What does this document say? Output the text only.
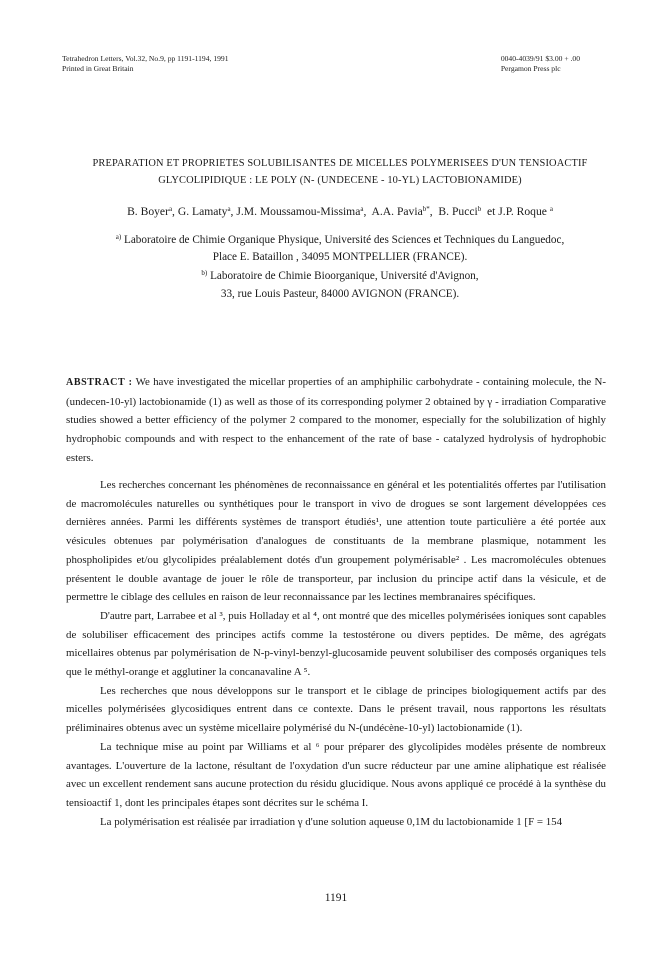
Tetrahedron Letters, Vol.32, No.9, pp 1191-1194, 1991
Printed in Great Britain
0040-4039/91 $3.00 + .00
Pergamon Press plc
PREPARATION ET PROPRIETES SOLUBILISANTES DE MICELLES POLYMERISEES D'UN TENSIOACTIF
GLYCOLIPIDIQUE : LE POLY (N- (UNDECENE - 10-YL) LACTOBIONAMIDE)
B. Boyer$^a$, G. Lamaty$^a$, J.M. Moussamou-Missima$^a$,  A.A. Pavia$^{b*}$,  B. Pucci$^b$  et J.P. Roque $^a$
$^{a)}$ Laboratoire de Chimie Organique Physique, Université des Sciences et Techniques du Languedoc,
Place E. Bataillon , 34095 MONTPELLIER (FRANCE).
$^{b)}$ Laboratoire de Chimie Bioorganique, Université d'Avignon,
33, rue Louis Pasteur, 84000 AVIGNON (FRANCE).
ABSTRACT : We have investigated the micellar properties of an amphiphilic carbohydrate - containing molecule, the N-(undecen-10-yl) lactobionamide (1) as well as those of its corresponding polymer 2 obtained by γ - irradiation Comparative studies showed a better efficiency of the polymer 2 compared to the monomer, especially for the solubilization of highly hydrophobic compounds and with respect to the enhancement of the rate of base - catalyzed hydrolysis of hydrophobic esters.

Les recherches concernant les phénomènes de reconnaissance en général et les potentialités offertes par l'utilisation de macromolécules naturelles ou synthétiques pour le transport in vivo de drogues se sont largement développées ces dernières années. Parmi les différents systèmes de transport étudiés¹, une attention toute particulière a été portée aux vésicules obtenues par polymérisation d'analogues de constituants de la membrane plasmique, notamment les phospholipides et/ou glycolipides préalablement dotés d'un groupement polymérisable² . Les macromolécules obtenues présentent le double avantage de jouer le rôle de transporteur, par inclusion du principe actif dans la vésicule, et de permettre le ciblage des cellules en raison de leur reconnaissance par les lectines membranaires spécifiques.

D'autre part, Larrabee et al ³, puis Holladay et al ⁴, ont montré que des micelles polymérisées ioniques sont capables de solubiliser efficacement des principes actifs comme la testostérone ou divers peptides. De même, des agrégats micellaires obtenus par polymérisation de N-p-vinyl-benzyl-glucosamide peuvent solubiliser des composés organiques tels que le méthyl-orange et agglutiner la concanavaline A ⁵.

Les recherches que nous développons sur le transport et le ciblage de principes biologiquement actifs par des micelles polymérisées glycosidiques entrent dans ce contexte. Dans le présent travail, nous rapportons les résultats préliminaires obtenus avec un système micellaire polymérisé du N-(undécène-10-yl) lactobionamide (1).

La technique mise au point par Williams et al ⁶ pour préparer des glycolipides modèles présente de nombreux avantages. L'ouverture de la lactone, résultant de l'oxydation d'un sucre réducteur par une amine aliphatique est réalisée avec un excellent rendement sans aucune protection du résidu glucidique. Nous avons appliqué ce procédé à la synthèse du tensioactif 1, dont les principales étapes sont décrites sur le schéma I.

La polymérisation est réalisée par irradiation γ d'une solution aqueuse 0,1M du lactobionamide 1 [F = 154

1191
